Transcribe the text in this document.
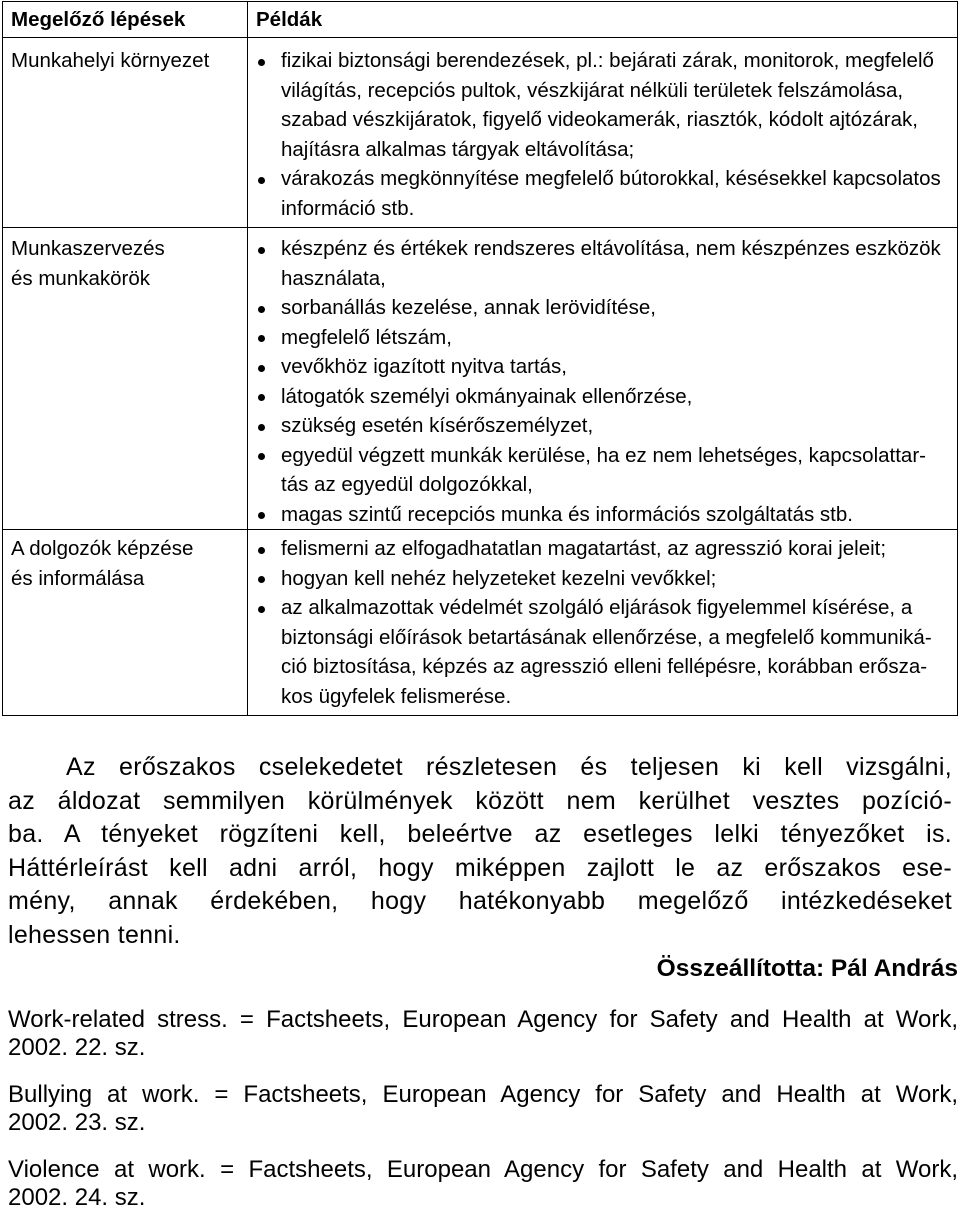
Megelőző lépések	Példák
Munkahelyi környezet	fizikai biztonsági berendezések, pl.: bejárati zárak, monitorok, megfelelő
világítás, recepciós pultok, vészkijárat nélküli területek felszámolása,
szabad vészkijáratok, figyelő videokamerák, riasztók, kódolt ajtózárak,
hajításra alkalmas tárgyak eltávolítása;
várakozás megkönnyítése megfelelő bútorokkal, késésekkel kapcsolatos
információ stb.
Munkaszervezés
és munkakörök
készpénz és értékek rendszeres eltávolítása, nem készpénzes eszközök
használata,
sorbanállás kezelése, annak lerövidítése,
megfelelő létszám,
vevőkhöz igazított nyitva tartás,
látogatók személyi okmányainak ellenőrzése,
szükség esetén kísérőszemélyzet,
egyedül végzett munkák kerülése, ha ez nem lehetséges, kapcsolattar-
tás az egyedül dolgozókkal,
magas szintű recepciós munka és információs szolgáltatás stb.
A dolgozók képzése
és informálása
felismerni az elfogadhatatlan magatartást, az agresszió korai jeleit;
hogyan kell nehéz helyzeteket kezelni vevőkkel;
az alkalmazottak védelmét szolgáló eljárások figyelemmel kísérése, a
biztonsági előírások betartásának ellenőrzése, a megfelelő kommuniká-
ció biztosítása, képzés az agresszió elleni fellépésre, korábban erősza-
kos ügyfelek felismerése.
Az erőszakos cselekedetet részletesen és teljesen ki kell vizsgálni,
az áldozat semmilyen körülmények között nem kerülhet vesztes pozíció-
ba. A tényeket rögzíteni kell, beleértve az esetleges lelki tényezőket is.
Háttérleírást kell adni arról, hogy miképpen zajlott le az erőszakos ese-
mény, annak érdekében, hogy hatékonyabb megelőző intézkedéseket
lehessen tenni.
Összeállította: Pál András
Work-related stress. = Factsheets, European Agency for Safety and Health at Work,
2002. 22. sz.
Bullying at work. = Factsheets, European Agency for Safety and Health at Work,
2002. 23. sz.
Violence at work. = Factsheets, European Agency for Safety and Health at Work,
2002. 24. sz.
